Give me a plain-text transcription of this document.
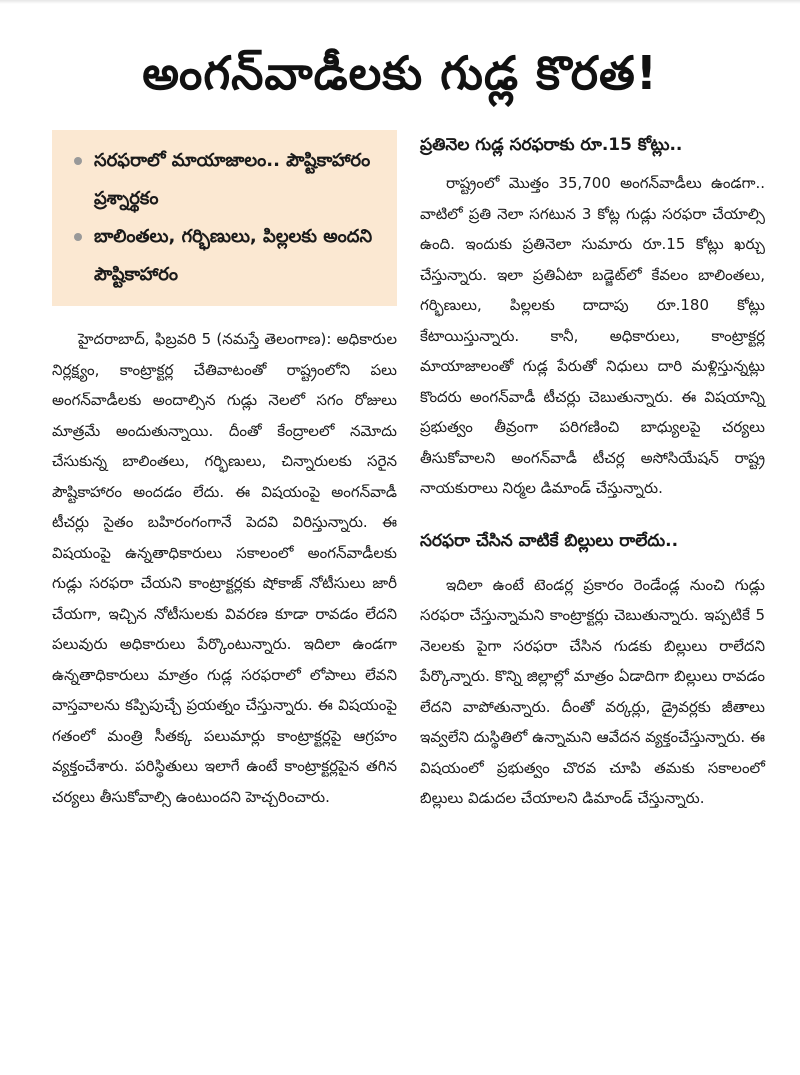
అంగన్‌వాడీలకు గుడ్ల కొరత!
సరఫరాలో మాయాజాలం.. పౌష్టికాహారం ప్రశ్నార్థకం
బాలింతలు, గర్భిణులు, పిల్లలకు అందని పౌష్టికాహారం

హైదరాబాద్, ఫిబ్రవరి 5 (నమస్తే తెలంగాణ): అధికారుల నిర్లక్ష్యం, కాంట్రాక్టర్ల చేతివాటంతో రాష్ట్రంలోని పలు అంగన్‌వాడీలకు అందాల్సిన గుడ్లు నెలలో సగం రోజులు మాత్రమే అందుతున్నాయి. దీంతో కేంద్రాలలో నమోదు చేసుకున్న బాలింతలు, గర్భిణులు, చిన్నారులకు సరైన పౌష్టికాహారం అందడం లేదు. ఈ విషయంపై అంగన్‌వాడీ టీచర్లు సైతం బహిరంగంగానే పెదవి విరిస్తున్నారు. ఈ విషయంపై ఉన్నతాధికారులు సకాలంలో అంగన్‌వాడీలకు గుడ్లు సరఫరా చేయని కాంట్రాక్టర్లకు షోకాజ్ నోటీసులు జారీ చేయగా, ఇచ్చిన నోటీసులకు వివరణ కూడా రావడం లేదని పలువురు అధికారులు పేర్కొంటున్నారు. ఇదిలా ఉండగా ఉన్నతాధికారులు మాత్రం గుడ్ల సరఫరాలో లోపాలు లేవని వాస్తవాలను కప్పిపుచ్చే ప్రయత్నం చేస్తున్నారు. ఈ విషయంపై గతంలో మంత్రి సీతక్క పలుమార్లు కాంట్రాక్టర్లపై ఆగ్రహం వ్యక్తంచేశారు. పరిస్థితులు ఇలాగే ఉంటే కాంట్రాక్టర్లపైన తగిన చర్యలు తీసుకోవాల్సి ఉంటుందని హెచ్చరించారు.

ప్రతినెల గుడ్ల సరఫరాకు రూ.15 కోట్లు..

రాష్ట్రంలో మొత్తం 35,700 అంగన్‌వాడీలు ఉండగా.. వాటిలో ప్రతి నెలా సగటున 3 కోట్ల గుడ్లు సరఫరా చేయాల్సి ఉంది. ఇందుకు ప్రతినెలా సుమారు రూ.15 కోట్లు ఖర్చు చేస్తున్నారు. ఇలా ప్రతిఏటా బడ్జెట్‌లో కేవలం బాలింతలు, గర్భిణులు, పిల్లలకు దాదాపు రూ.180 కోట్లు కేటాయిస్తున్నారు. కానీ, అధికారులు, కాంట్రాక్టర్ల మాయాజాలంతో గుడ్ల పేరుతో నిధులు దారి మళ్లిస్తున్నట్లు కొందరు అంగన్‌వాడీ టీచర్లు చెబుతున్నారు. ఈ విషయాన్ని ప్రభుత్వం తీవ్రంగా పరిగణించి బాధ్యులపై చర్యలు తీసుకోవాలని అంగన్‌వాడీ టీచర్ల అసోసియేషన్ రాష్ట్ర నాయకురాలు నిర్మల డిమాండ్ చేస్తున్నారు.

సరఫరా చేసిన వాటికే బిల్లులు రాలేదు..

ఇదిలా ఉంటే టెండర్ల ప్రకారం రెండేండ్ల నుంచి గుడ్లు సరఫరా చేస్తున్నామని కాంట్రాక్టర్లు చెబుతున్నారు. ఇప్పటికే 5 నెలలకు పైగా సరఫరా చేసిన గుడకు బిల్లులు రాలేదని పేర్కొన్నారు. కొన్ని జిల్లాల్లో మాత్రం ఏడాదిగా బిల్లులు రావడం లేదని వాపోతున్నారు. దీంతో వర్కర్లు, డ్రైవర్లకు జీతాలు ఇవ్వలేని దుస్థితిలో ఉన్నామని ఆవేదన వ్యక్తంచేస్తున్నారు. ఈ విషయంలో ప్రభుత్వం చొరవ చూపి తమకు సకాలంలో బిల్లులు విడుదల చేయాలని డిమాండ్ చేస్తున్నారు.
